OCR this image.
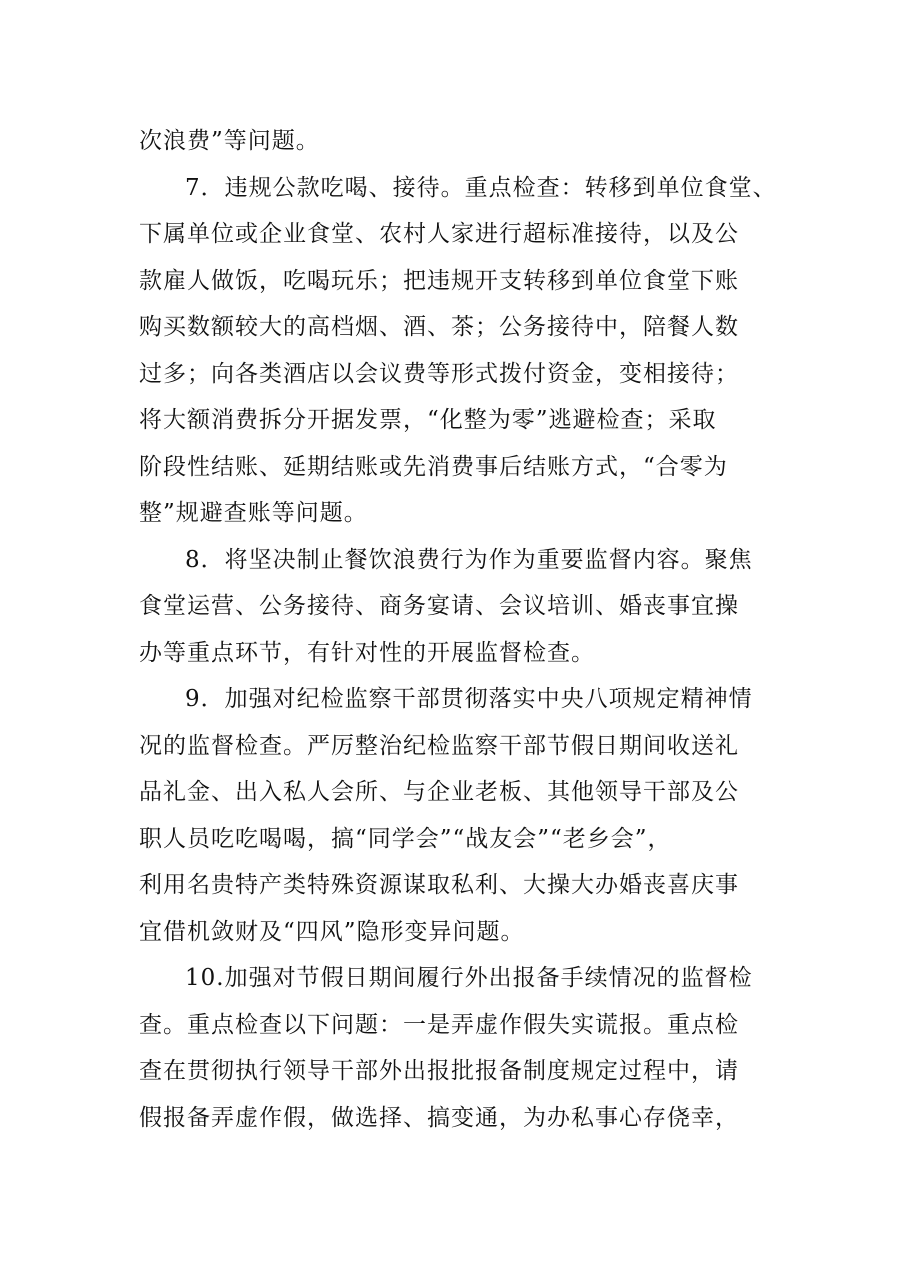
次浪费”等问题。
7．违规公款吃喝、接待。重点检查：转移到单位食堂、
下属单位或企业食堂、农村人家进行超标准接待，以及公
款雇人做饭，吃喝玩乐；把违规开支转移到单位食堂下账
购买数额较大的高档烟、酒、茶；公务接待中，陪餐人数
过多；向各类酒店以会议费等形式拨付资金，变相接待；
将大额消费拆分开据发票，“化整为零”逃避检查；采取
阶段性结账、延期结账或先消费事后结账方式，“合零为
整”规避查账等问题。
8．将坚决制止餐饮浪费行为作为重要监督内容。聚焦
食堂运营、公务接待、商务宴请、会议培训、婚丧事宜操
办等重点环节，有针对性的开展监督检查。
9．加强对纪检监察干部贯彻落实中央八项规定精神情
况的监督检查。严厉整治纪检监察干部节假日期间收送礼
品礼金、出入私人会所、与企业老板、其他领导干部及公
职人员吃吃喝喝，搞“同学会”“战友会”“老乡会”，
利用名贵特产类特殊资源谋取私利、大操大办婚丧喜庆事
宜借机敛财及“四风”隐形变异问题。
10.加强对节假日期间履行外出报备手续情况的监督检
查。重点检查以下问题：一是弄虚作假失实谎报。重点检
查在贯彻执行领导干部外出报批报备制度规定过程中，请
假报备弄虚作假，做选择、搞变通，为办私事心存侥幸，
